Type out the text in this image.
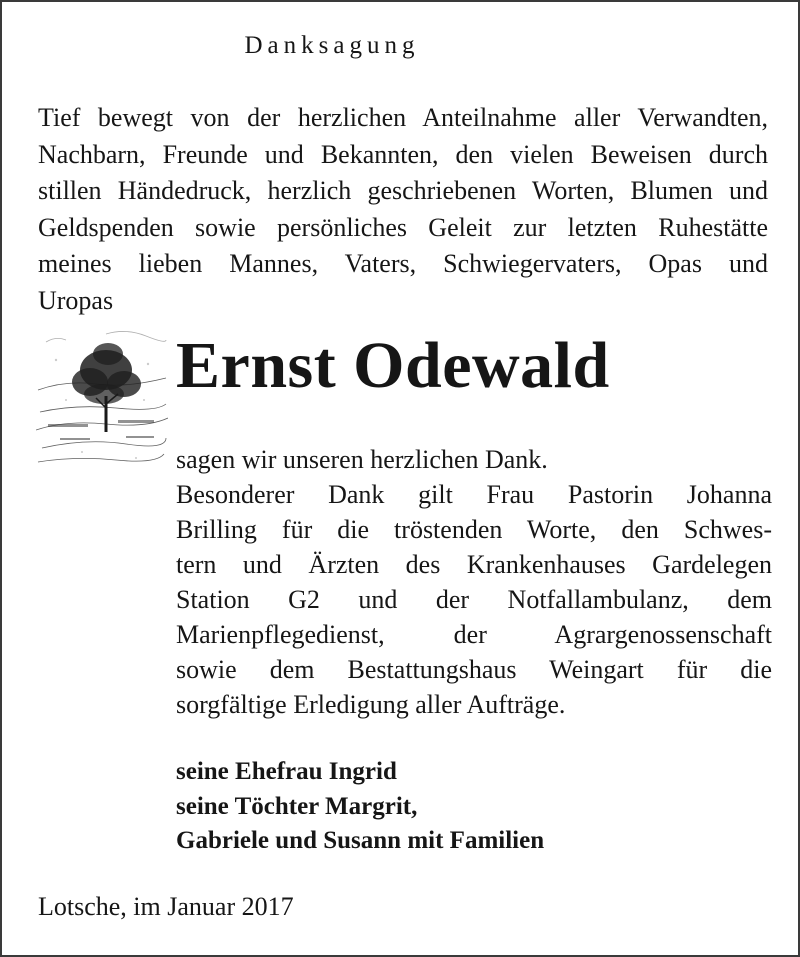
Danksagung
Tief bewegt von der herzlichen Anteilnahme aller Verwandten,
Nachbarn, Freunde und Bekannten, den vielen Beweisen durch
stillen Händedruck, herzlich geschriebenen Worten, Blumen und
Geldspenden sowie persönliches Geleit zur letzten Ruhestätte
meines lieben Mannes, Vaters, Schwiegervaters, Opas und
Uropas
Ernst Odewald
sagen wir unseren herzlichen Dank.
Besonderer Dank gilt Frau Pastorin Johanna
Brilling für die tröstenden Worte, den Schwes-
tern und Ärzten des Krankenhauses Gardelegen
Station G2 und der Notfallambulanz, dem
Marienpflegedienst, der Agrargenossenschaft
sowie dem Bestattungshaus Weingart für die
sorgfältige Erledigung aller Aufträge.
seine Ehefrau Ingrid
seine Töchter Margrit,
Gabriele und Susann mit Familien
Lotsche, im Januar 2017
